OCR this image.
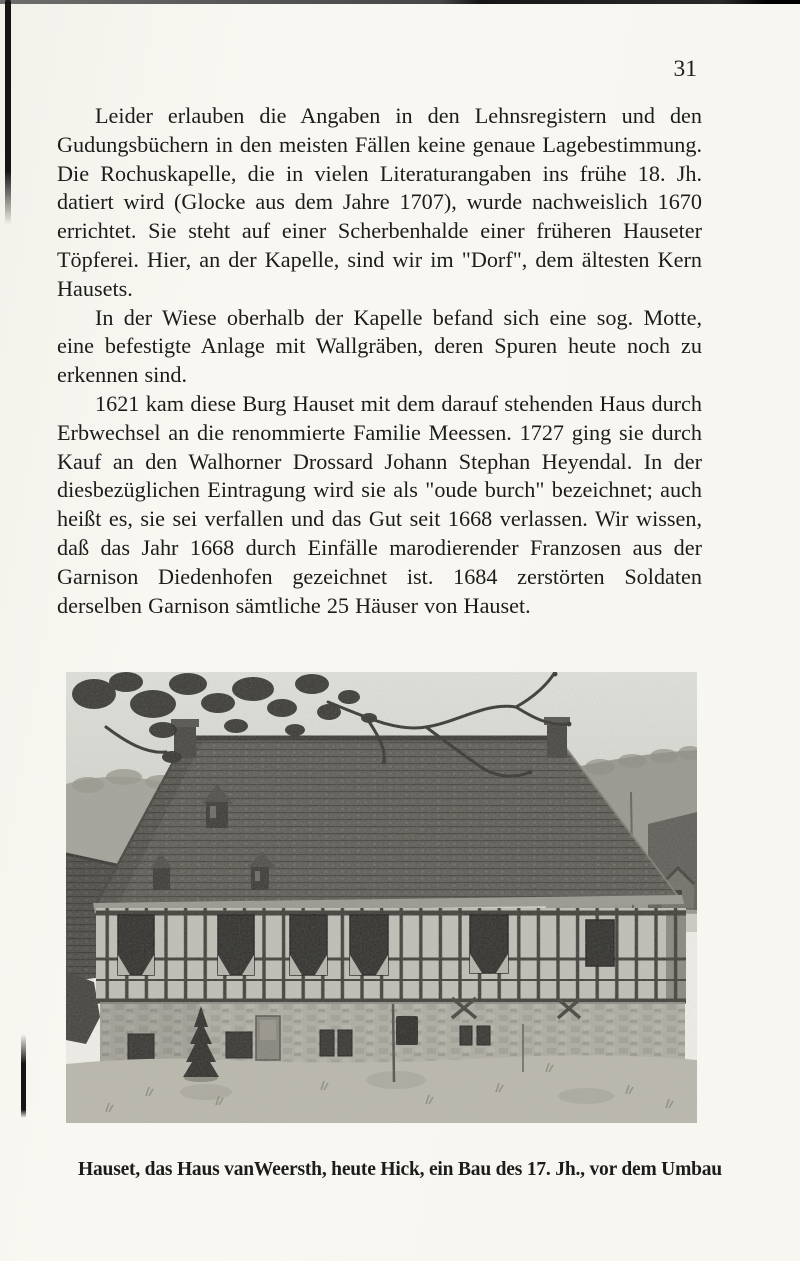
31

Leider erlauben die Angaben in den Lehnsregistern und den Gudungsbüchern in den meisten Fällen keine genaue Lagebestimmung. Die Rochuskapelle, die in vielen Literaturangaben ins frühe 18. Jh. datiert wird (Glocke aus dem Jahre 1707), wurde nachweislich 1670 errichtet. Sie steht auf einer Scherbenhalde einer früheren Hauseter Töpferei. Hier, an der Kapelle, sind wir im "Dorf", dem ältesten Kern Hausets.

In der Wiese oberhalb der Kapelle befand sich eine sog. Motte, eine befestigte Anlage mit Wallgräben, deren Spuren heute noch zu erkennen sind.

1621 kam diese Burg Hauset mit dem darauf stehenden Haus durch Erbwechsel an die renommierte Familie Meessen. 1727 ging sie durch Kauf an den Walhorner Drossard Johann Stephan Heyendal. In der diesbezüglichen Eintragung wird sie als "oude burch" bezeichnet; auch heißt es, sie sei verfallen und das Gut seit 1668 verlassen. Wir wissen, daß das Jahr 1668 durch Einfälle marodierender Franzosen aus der Garnison Diedenhofen gezeichnet ist. 1684 zerstörten Soldaten derselben Garnison sämtliche 25 Häuser von Hauset.

Hauset, das Haus vanWeersth, heute Hick, ein Bau des 17. Jh., vor dem Umbau
